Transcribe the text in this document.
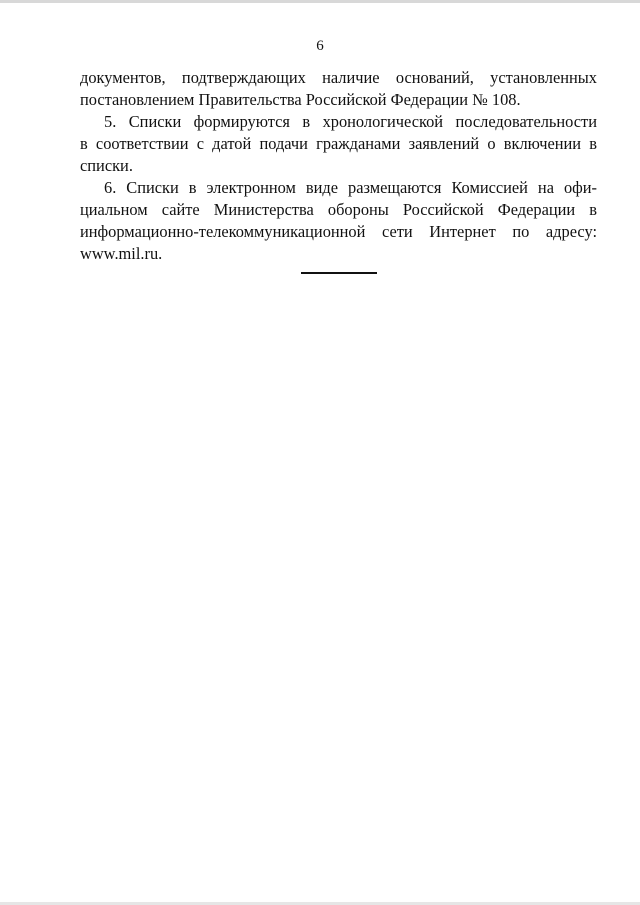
6
документов, подтверждающих наличие оснований, установленных
постановлением Правительства Российской Федерации № 108.
5. Списки формируются в хронологической последовательности
в соответствии с датой подачи гражданами заявлений о включении в
списки.
6. Списки в электронном виде размещаются Комиссией на офи-
циальном сайте Министерства обороны Российской Федерации в
информационно-телекоммуникационной сети Интернет по адресу:
www.mil.ru.
